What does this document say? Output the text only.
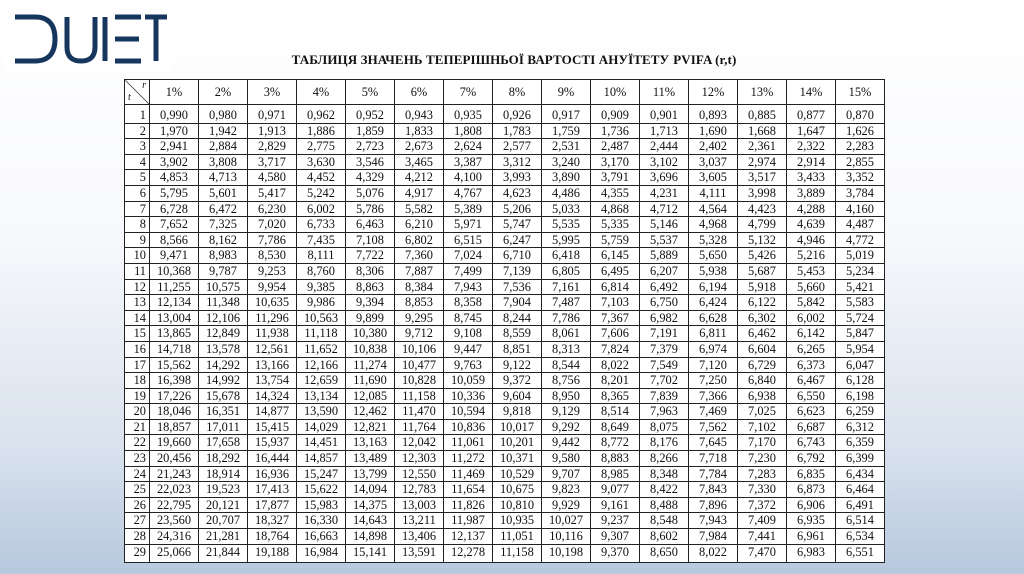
ТАБЛИЦЯ ЗНАЧЕНЬ ТЕПЕРІШНЬОЇ ВАРТОСТІ АНУЇТЕТУ PVIFA (r,t)
r
t	1%	2%	3%	4%	5%	6%	7%	8%	9%	10%	11%	12%	13%	14%	15%
1	0,990	0,980	0,971	0,962	0,952	0,943	0,935	0,926	0,917	0,909	0,901	0,893	0,885	0,877	0,870
2	1,970	1,942	1,913	1,886	1,859	1,833	1,808	1,783	1,759	1,736	1,713	1,690	1,668	1,647	1,626
3	2,941	2,884	2,829	2,775	2,723	2,673	2,624	2,577	2,531	2,487	2,444	2,402	2,361	2,322	2,283
4	3,902	3,808	3,717	3,630	3,546	3,465	3,387	3,312	3,240	3,170	3,102	3,037	2,974	2,914	2,855
5	4,853	4,713	4,580	4,452	4,329	4,212	4,100	3,993	3,890	3,791	3,696	3,605	3,517	3,433	3,352
6	5,795	5,601	5,417	5,242	5,076	4,917	4,767	4,623	4,486	4,355	4,231	4,111	3,998	3,889	3,784
7	6,728	6,472	6,230	6,002	5,786	5,582	5,389	5,206	5,033	4,868	4,712	4,564	4,423	4,288	4,160
8	7,652	7,325	7,020	6,733	6,463	6,210	5,971	5,747	5,535	5,335	5,146	4,968	4,799	4,639	4,487
9	8,566	8,162	7,786	7,435	7,108	6,802	6,515	6,247	5,995	5,759	5,537	5,328	5,132	4,946	4,772
10	9,471	8,983	8,530	8,111	7,722	7,360	7,024	6,710	6,418	6,145	5,889	5,650	5,426	5,216	5,019
11	10,368	9,787	9,253	8,760	8,306	7,887	7,499	7,139	6,805	6,495	6,207	5,938	5,687	5,453	5,234
12	11,255	10,575	9,954	9,385	8,863	8,384	7,943	7,536	7,161	6,814	6,492	6,194	5,918	5,660	5,421
13	12,134	11,348	10,635	9,986	9,394	8,853	8,358	7,904	7,487	7,103	6,750	6,424	6,122	5,842	5,583
14	13,004	12,106	11,296	10,563	9,899	9,295	8,745	8,244	7,786	7,367	6,982	6,628	6,302	6,002	5,724
15	13,865	12,849	11,938	11,118	10,380	9,712	9,108	8,559	8,061	7,606	7,191	6,811	6,462	6,142	5,847
16	14,718	13,578	12,561	11,652	10,838	10,106	9,447	8,851	8,313	7,824	7,379	6,974	6,604	6,265	5,954
17	15,562	14,292	13,166	12,166	11,274	10,477	9,763	9,122	8,544	8,022	7,549	7,120	6,729	6,373	6,047
18	16,398	14,992	13,754	12,659	11,690	10,828	10,059	9,372	8,756	8,201	7,702	7,250	6,840	6,467	6,128
19	17,226	15,678	14,324	13,134	12,085	11,158	10,336	9,604	8,950	8,365	7,839	7,366	6,938	6,550	6,198
20	18,046	16,351	14,877	13,590	12,462	11,470	10,594	9,818	9,129	8,514	7,963	7,469	7,025	6,623	6,259
21	18,857	17,011	15,415	14,029	12,821	11,764	10,836	10,017	9,292	8,649	8,075	7,562	7,102	6,687	6,312
22	19,660	17,658	15,937	14,451	13,163	12,042	11,061	10,201	9,442	8,772	8,176	7,645	7,170	6,743	6,359
23	20,456	18,292	16,444	14,857	13,489	12,303	11,272	10,371	9,580	8,883	8,266	7,718	7,230	6,792	6,399
24	21,243	18,914	16,936	15,247	13,799	12,550	11,469	10,529	9,707	8,985	8,348	7,784	7,283	6,835	6,434
25	22,023	19,523	17,413	15,622	14,094	12,783	11,654	10,675	9,823	9,077	8,422	7,843	7,330	6,873	6,464
26	22,795	20,121	17,877	15,983	14,375	13,003	11,826	10,810	9,929	9,161	8,488	7,896	7,372	6,906	6,491
27	23,560	20,707	18,327	16,330	14,643	13,211	11,987	10,935	10,027	9,237	8,548	7,943	7,409	6,935	6,514
28	24,316	21,281	18,764	16,663	14,898	13,406	12,137	11,051	10,116	9,307	8,602	7,984	7,441	6,961	6,534
29	25,066	21,844	19,188	16,984	15,141	13,591	12,278	11,158	10,198	9,370	8,650	8,022	7,470	6,983	6,551
